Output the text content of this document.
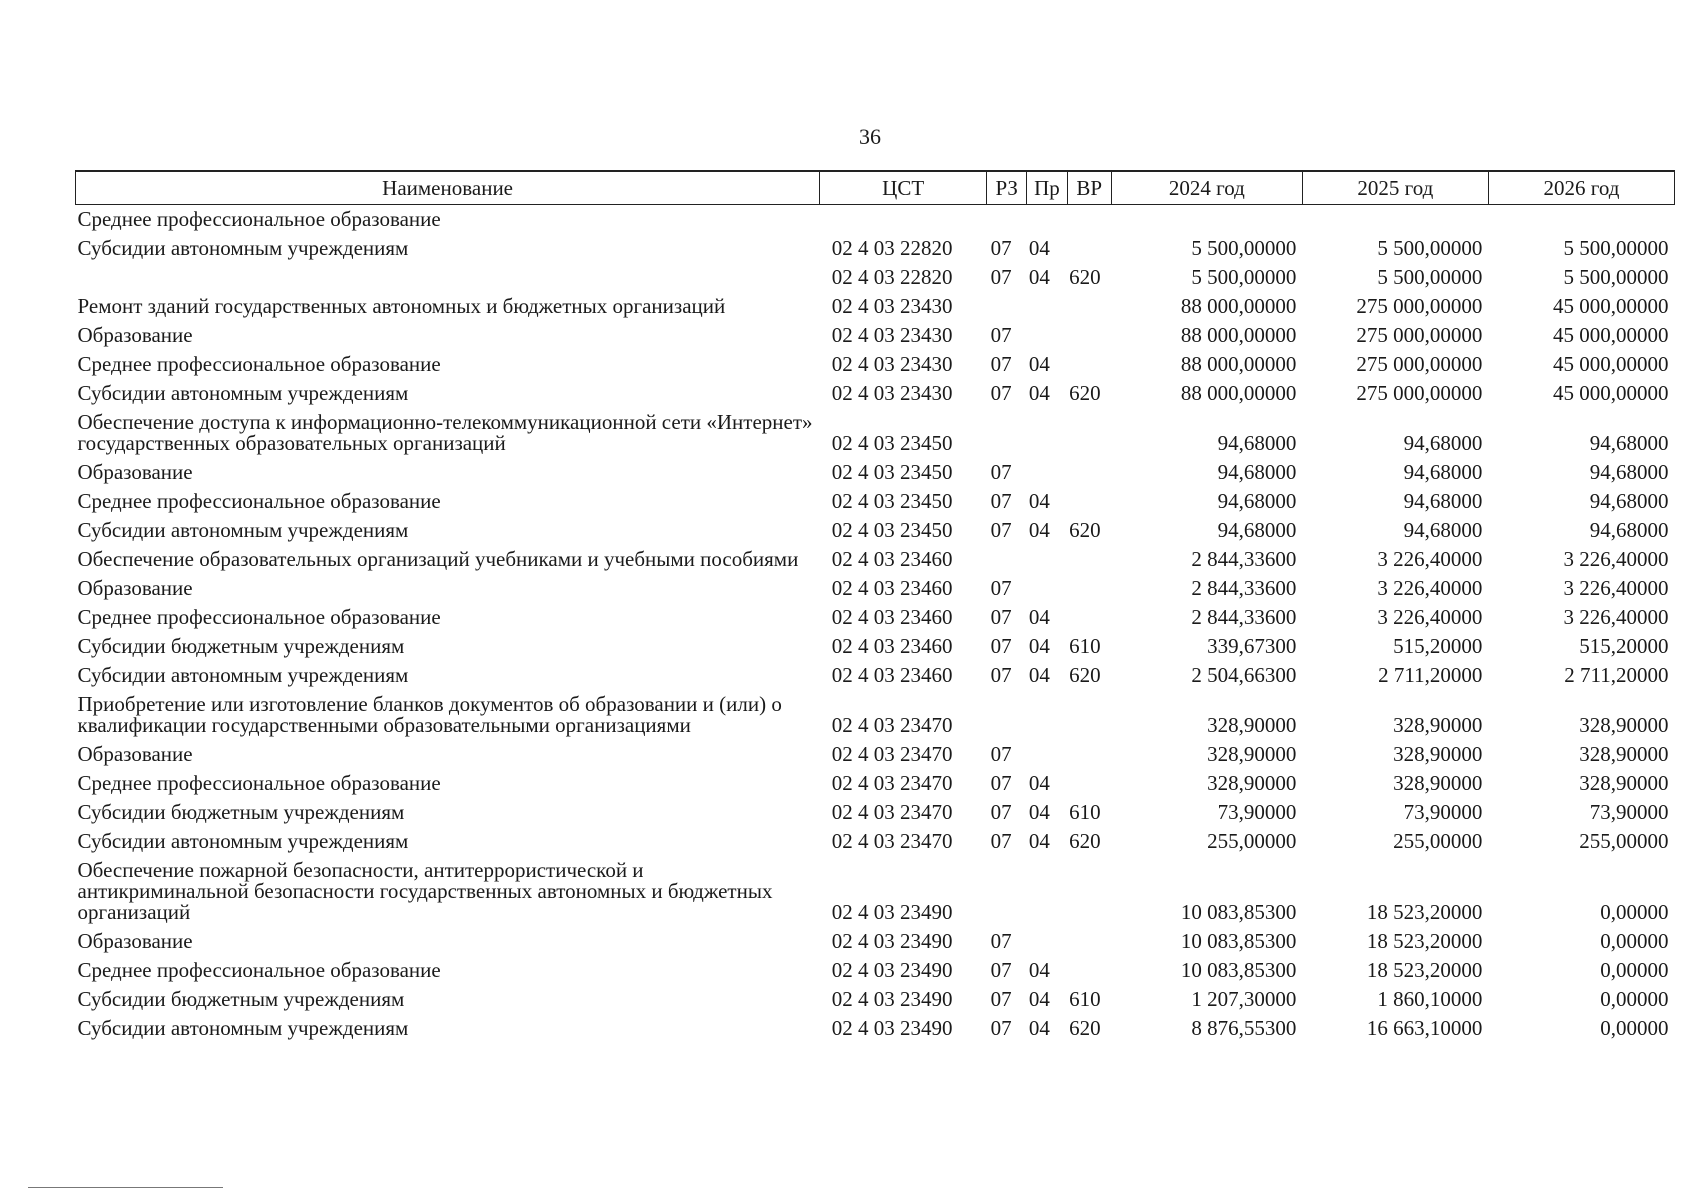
36
Наименование	ЦСТ	РЗ	Пр	ВР	2024 год	2025 год	2026 год
Среднее профессиональное образование							
Субсидии автономным учреждениям	02 4 03 22820	07	04		5 500,00000	5 500,00000	5 500,00000
	02 4 03 22820	07	04	620	5 500,00000	5 500,00000	5 500,00000
Ремонт зданий государственных автономных и бюджетных организаций	02 4 03 23430				88 000,00000	275 000,00000	45 000,00000
Образование	02 4 03 23430	07			88 000,00000	275 000,00000	45 000,00000
Среднее профессиональное образование	02 4 03 23430	07	04		88 000,00000	275 000,00000	45 000,00000
Субсидии автономным учреждениям	02 4 03 23430	07	04	620	88 000,00000	275 000,00000	45 000,00000
Обеспечение доступа к информационно-телекоммуникационной сети «Интернет» государственных образовательных организаций	02 4 03 23450				94,68000	94,68000	94,68000
Образование	02 4 03 23450	07			94,68000	94,68000	94,68000
Среднее профессиональное образование	02 4 03 23450	07	04		94,68000	94,68000	94,68000
Субсидии автономным учреждениям	02 4 03 23450	07	04	620	94,68000	94,68000	94,68000
Обеспечение образовательных организаций учебниками и учебными пособиями	02 4 03 23460				2 844,33600	3 226,40000	3 226,40000
Образование	02 4 03 23460	07			2 844,33600	3 226,40000	3 226,40000
Среднее профессиональное образование	02 4 03 23460	07	04		2 844,33600	3 226,40000	3 226,40000
Субсидии бюджетным учреждениям	02 4 03 23460	07	04	610	339,67300	515,20000	515,20000
Субсидии автономным учреждениям	02 4 03 23460	07	04	620	2 504,66300	2 711,20000	2 711,20000
Приобретение или изготовление бланков документов об образовании и (или) о квалификации государственными образовательными организациями	02 4 03 23470				328,90000	328,90000	328,90000
Образование	02 4 03 23470	07			328,90000	328,90000	328,90000
Среднее профессиональное образование	02 4 03 23470	07	04		328,90000	328,90000	328,90000
Субсидии бюджетным учреждениям	02 4 03 23470	07	04	610	73,90000	73,90000	73,90000
Субсидии автономным учреждениям	02 4 03 23470	07	04	620	255,00000	255,00000	255,00000
Обеспечение пожарной безопасности, антитеррористической и антикриминальной безопасности государственных автономных и бюджетных организаций	02 4 03 23490				10 083,85300	18 523,20000	0,00000
Образование	02 4 03 23490	07			10 083,85300	18 523,20000	0,00000
Среднее профессиональное образование	02 4 03 23490	07	04		10 083,85300	18 523,20000	0,00000
Субсидии бюджетным учреждениям	02 4 03 23490	07	04	610	1 207,30000	1 860,10000	0,00000
Субсидии автономным учреждениям	02 4 03 23490	07	04	620	8 876,55300	16 663,10000	0,00000
